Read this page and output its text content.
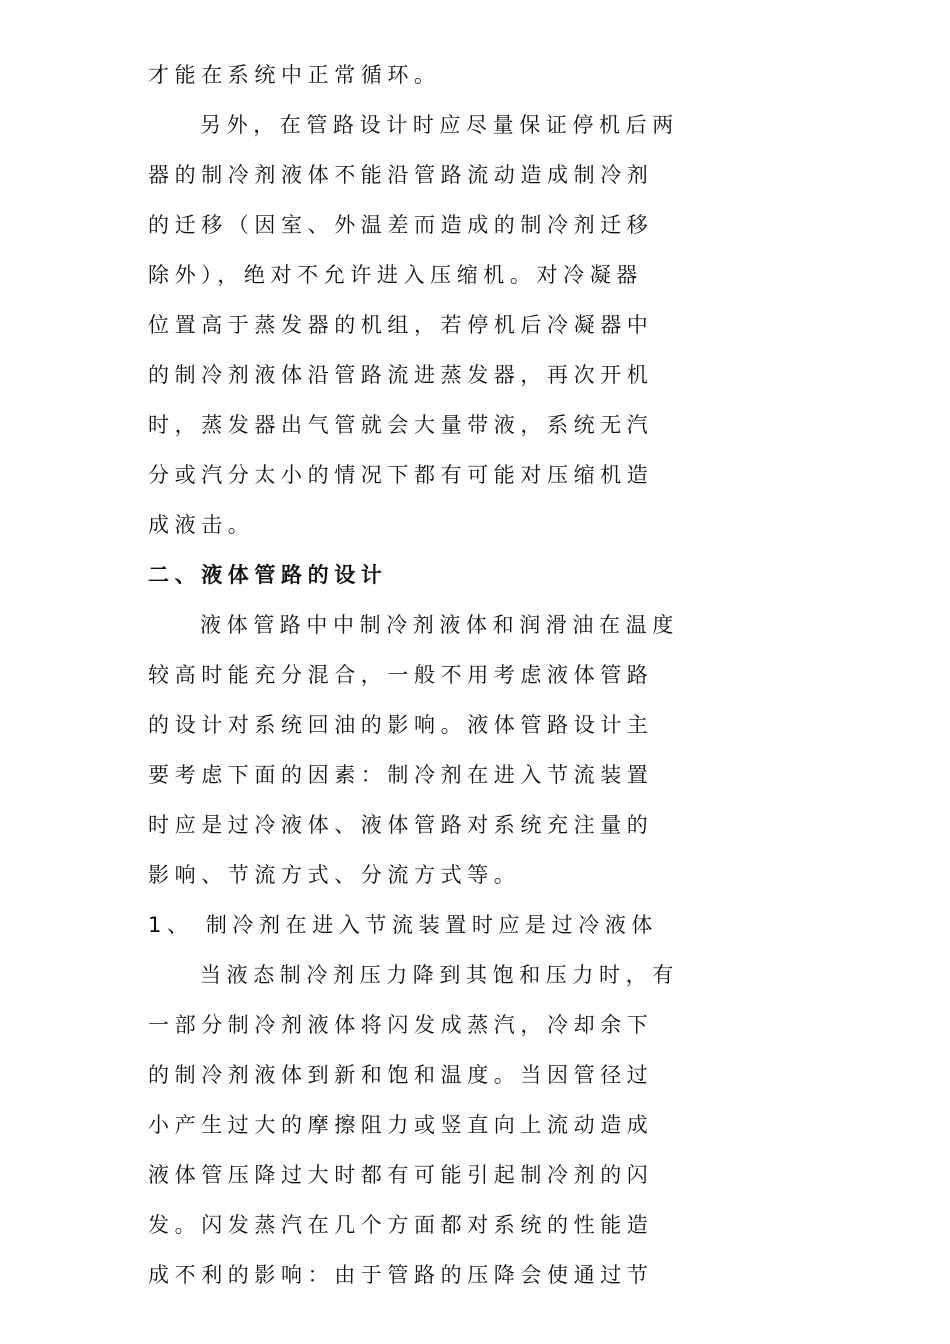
才能在系统中正常循环。
另外，在管路设计时应尽量保证停机后两
器的制冷剂液体不能沿管路流动造成制冷剂
的迁移（因室、外温差而造成的制冷剂迁移
除外），绝对不允许进入压缩机。对冷凝器
位置高于蒸发器的机组，若停机后冷凝器中
的制冷剂液体沿管路流进蒸发器，再次开机
时，蒸发器出气管就会大量带液，系统无汽
分或汽分太小的情况下都有可能对压缩机造
成液击。
二、液体管路的设计
液体管路中中制冷剂液体和润滑油在温度
较高时能充分混合，一般不用考虑液体管路
的设计对系统回油的影响。液体管路设计主
要考虑下面的因素：制冷剂在进入节流装置
时应是过冷液体、液体管路对系统充注量的
影响、节流方式、分流方式等。
1、 制冷剂在进入节流装置时应是过冷液体
当液态制冷剂压力降到其饱和压力时，有
一部分制冷剂液体将闪发成蒸汽，冷却余下
的制冷剂液体到新和饱和温度。当因管径过
小产生过大的摩擦阻力或竖直向上流动造成
液体管压降过大时都有可能引起制冷剂的闪
发。闪发蒸汽在几个方面都对系统的性能造
成不利的影响：由于管路的压降会使通过节
